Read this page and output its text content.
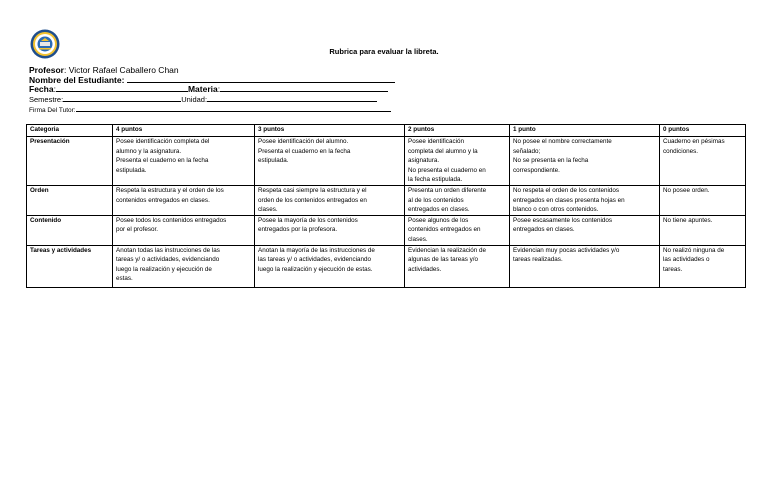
Rubrica para evaluar la libreta.
Profesor: Victor Rafael Caballero Chan
Nombre del Estudiante:
Fecha:	Materia:
Semestre:	Unidad:
Firma Del Tutor:
Categoria	4 puntos	3 puntos	2 puntos	1 punto	0 puntos
Presentación	Posee identificación completa del
alumno y la asignatura.
Presenta el cuaderno en la fecha
estipulada.	Posee identificación del alumno.
Presenta el cuaderno en la fecha
estipulada.	Posee identificación
completa del alumno y la
asignatura.
No presenta el cuaderno en
la fecha estipulada.	No posee el nombre correctamente
señalado;
No se presenta en la fecha
correspondiente.	Cuaderno en pésimas
condiciones.

Orden	Respeta la estructura y el orden de los
contenidos entregados en clases.	Respeta casi siempre la estructura y el
orden de los contenidos entregados en
clases.	Presenta un orden diferente
al de los contenidos
entregados en clases.	No respeta el orden de los contenidos
entregados en clases presenta hojas en
blanco o con otros contenidos.	No posee orden.

Contenido	Posee todos los contenidos entregados
por el profesor.	Posee la mayoría de los contenidos
entregados por la profesora.	Posee algunos de los
contenidos entregados en
clases.	Posee escasamente los contenidos
entregados en clases.	No tiene apuntes.

Tareas y actividades	Anotan todas las instrucciones de las
tareas y/ o actividades, evidenciando
luego la realización y ejecución de
estas.	Anotan la mayoría de las instrucciones de
las tareas y/ o actividades, evidenciando
luego la realización y ejecución de estas.	Evidencian la realización de
algunas de las tareas y/o
actividades.	Evidencian muy pocas actividades y/o
tareas realizadas.	No realizó ninguna de
las actividades o
tareas.
